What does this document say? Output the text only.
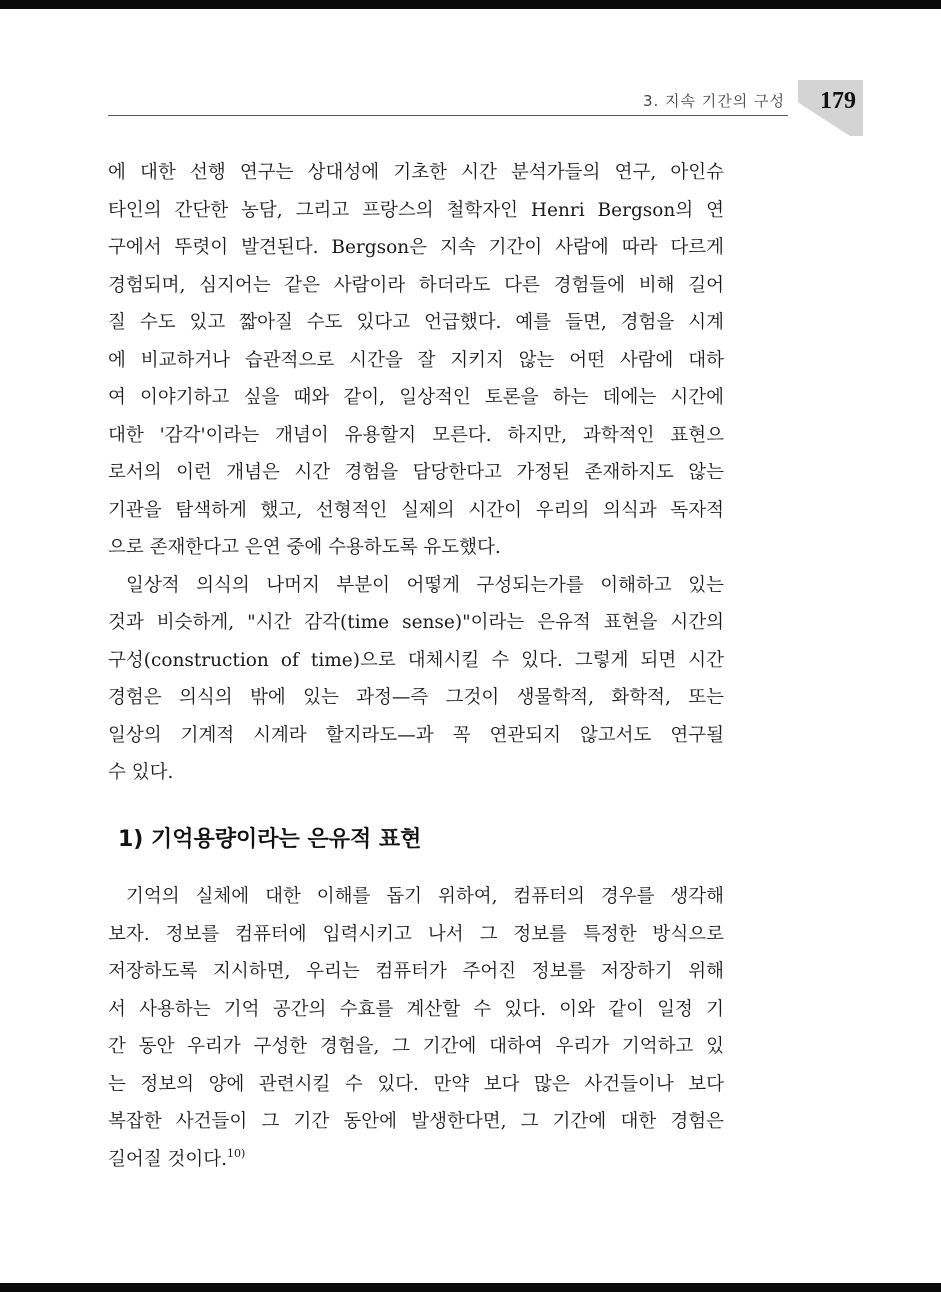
3. 지속 기간의 구성 179
에 대한 선행 연구는 상대성에 기초한 시간 분석가들의 연구, 아인슈
타인의 간단한 농담, 그리고 프랑스의 철학자인 Henri Bergson의 연
구에서 뚜렷이 발견된다. Bergson은 지속 기간이 사람에 따라 다르게
경험되며, 심지어는 같은 사람이라 하더라도 다른 경험들에 비해 길어
질 수도 있고 짧아질 수도 있다고 언급했다. 예를 들면, 경험을 시계
에 비교하거나 습관적으로 시간을 잘 지키지 않는 어떤 사람에 대하
여 이야기하고 싶을 때와 같이, 일상적인 토론을 하는 데에는 시간에
대한 '감각'이라는 개념이 유용할지 모른다. 하지만, 과학적인 표현으
로서의 이런 개념은 시간 경험을 담당한다고 가정된 존재하지도 않는
기관을 탐색하게 했고, 선형적인 실제의 시간이 우리의 의식과 독자적
으로 존재한다고 은연 중에 수용하도록 유도했다.
일상적 의식의 나머지 부분이 어떻게 구성되는가를 이해하고 있는
것과 비슷하게, "시간 감각(time sense)"이라는 은유적 표현을 시간의
구성(construction of time)으로 대체시킬 수 있다. 그렇게 되면 시간
경험은 의식의 밖에 있는 과정—즉 그것이 생물학적, 화학적, 또는
일상의 기계적 시계라 할지라도—과 꼭 연관되지 않고서도 연구될
수 있다.
1) 기억용량이라는 은유적 표현
기억의 실체에 대한 이해를 돕기 위하여, 컴퓨터의 경우를 생각해
보자. 정보를 컴퓨터에 입력시키고 나서 그 정보를 특정한 방식으로
저장하도록 지시하면, 우리는 컴퓨터가 주어진 정보를 저장하기 위해
서 사용하는 기억 공간의 수효를 계산할 수 있다. 이와 같이 일정 기
간 동안 우리가 구성한 경험을, 그 기간에 대하여 우리가 기억하고 있
는 정보의 양에 관련시킬 수 있다. 만약 보다 많은 사건들이나 보다
복잡한 사건들이 그 기간 동안에 발생한다면, 그 기간에 대한 경험은
길어질 것이다.$^{10)}$
